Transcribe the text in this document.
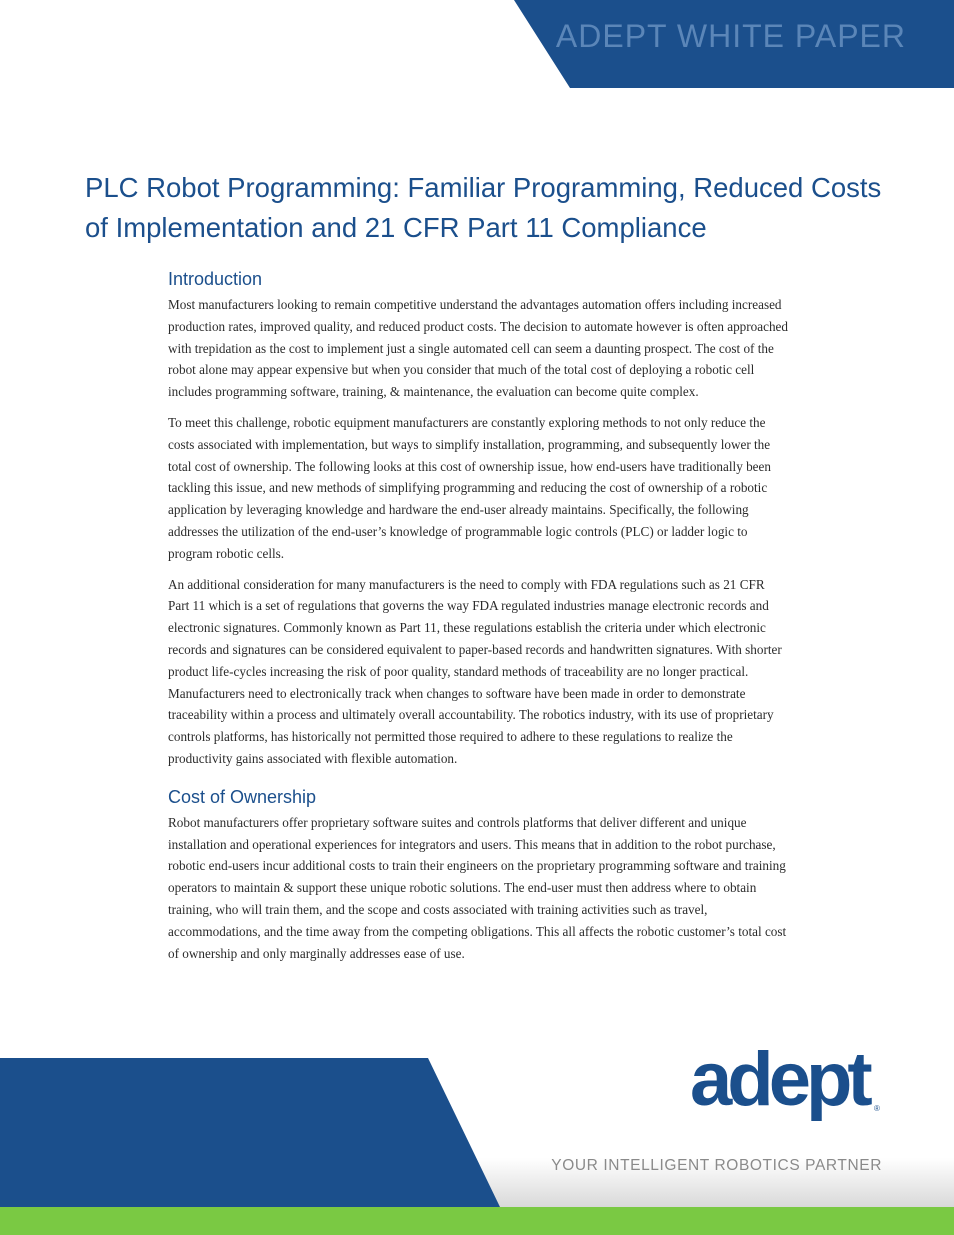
ADEPT WHITE PAPER
PLC Robot Programming: Familiar Programming, Reduced Costs of Implementation and 21 CFR Part 11 Compliance
Introduction

Most manufacturers looking to remain competitive understand the advantages automation offers including increased production rates, improved quality, and reduced product costs. The decision to automate however is often approached with trepidation as the cost to implement just a single automated cell can seem a daunting prospect. The cost of the robot alone may appear expensive but when you consider that much of the total cost of deploying a robotic cell includes programming software, training, & maintenance, the evaluation can become quite complex.

To meet this challenge, robotic equipment manufacturers are constantly exploring methods to not only reduce the costs associated with implementation, but ways to simplify installation, programming, and subsequently lower the total cost of ownership. The following looks at this cost of ownership issue, how end-users have traditionally been tackling this issue, and new methods of simplifying programming and reducing the cost of ownership of a robotic application by leveraging knowledge and hardware the end-user already maintains. Specifically, the following addresses the utilization of the end-user’s knowledge of programmable logic controls (PLC) or ladder logic to program robotic cells.

An additional consideration for many manufacturers is the need to comply with FDA regulations such as 21 CFR Part 11 which is a set of regulations that governs the way FDA regulated industries manage electronic records and electronic signatures. Commonly known as Part 11, these regulations establish the criteria under which electronic records and signatures can be considered equivalent to paper-based records and handwritten signatures. With shorter product life-cycles increasing the risk of poor quality, standard methods of traceability are no longer practical. Manufacturers need to electronically track when changes to software have been made in order to demonstrate traceability within a process and ultimately overall accountability. The robotics industry, with its use of proprietary controls platforms, has historically not permitted those required to adhere to these regulations to realize the productivity gains associated with flexible automation.

Cost of Ownership

Robot manufacturers offer proprietary software suites and controls platforms that deliver different and unique installation and operational experiences for integrators and users. This means that in addition to the robot purchase, robotic end-users incur additional costs to train their engineers on the proprietary programming software and training operators to maintain & support these unique robotic solutions. The end-user must then address where to obtain training, who will train them, and the scope and costs associated with training activities such as travel, accommodations, and the time away from the competing obligations. This all affects the robotic customer’s total cost of ownership and only marginally addresses ease of use.

adept ®
YOUR INTELLIGENT ROBOTICS PARTNER
